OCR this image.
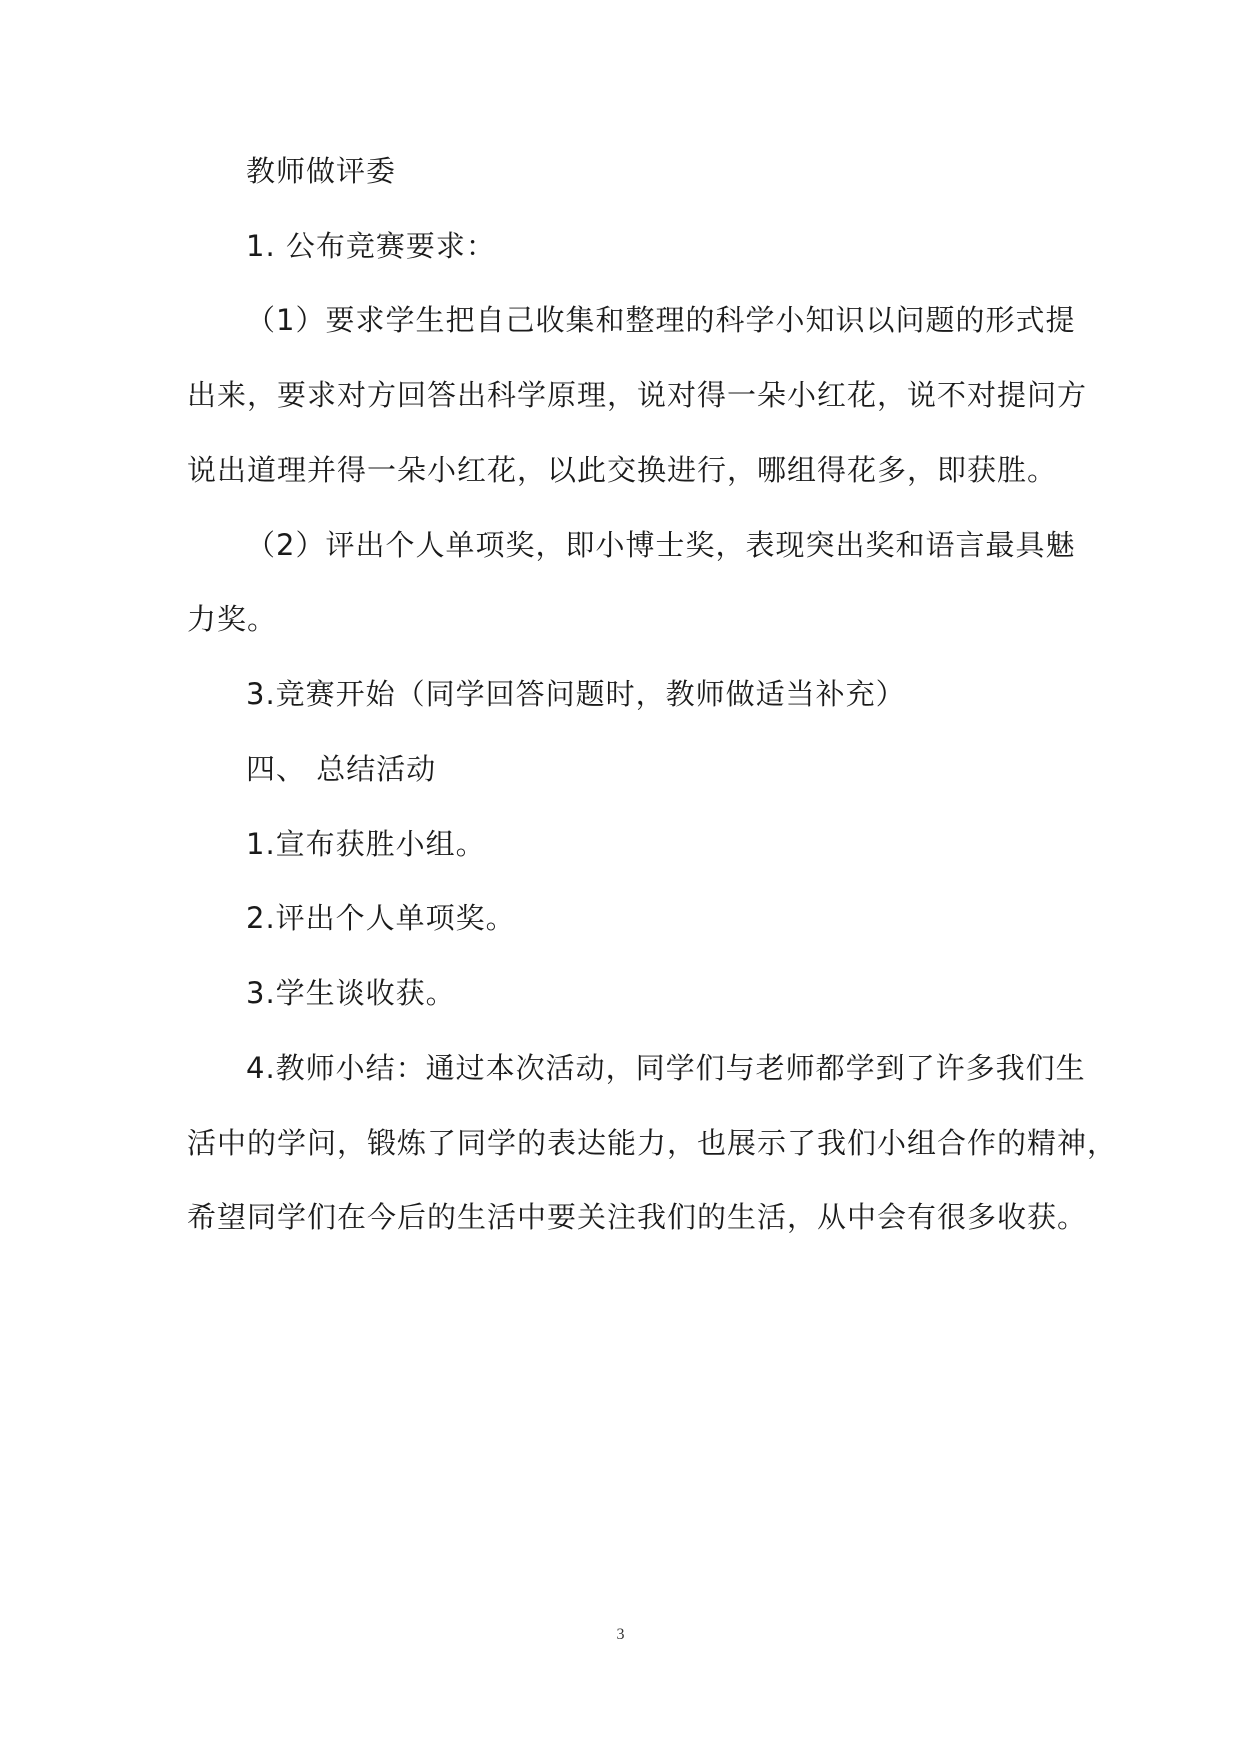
教师做评委
1. 公布竞赛要求：
（1）要求学生把自己收集和整理的科学小知识以问题的形式提
出来，要求对方回答出科学原理，说对得一朵小红花，说不对提问方
说出道理并得一朵小红花，以此交换进行，哪组得花多，即获胜。
（2）评出个人单项奖，即小博士奖，表现突出奖和语言最具魅
力奖。
3.竞赛开始（同学回答问题时，教师做适当补充）
四、 总结活动
1.宣布获胜小组。
2.评出个人单项奖。
3.学生谈收获。
4.教师小结：通过本次活动，同学们与老师都学到了许多我们生
活中的学问，锻炼了同学的表达能力，也展示了我们小组合作的精神，
希望同学们在今后的生活中要关注我们的生活，从中会有很多收获。
3
